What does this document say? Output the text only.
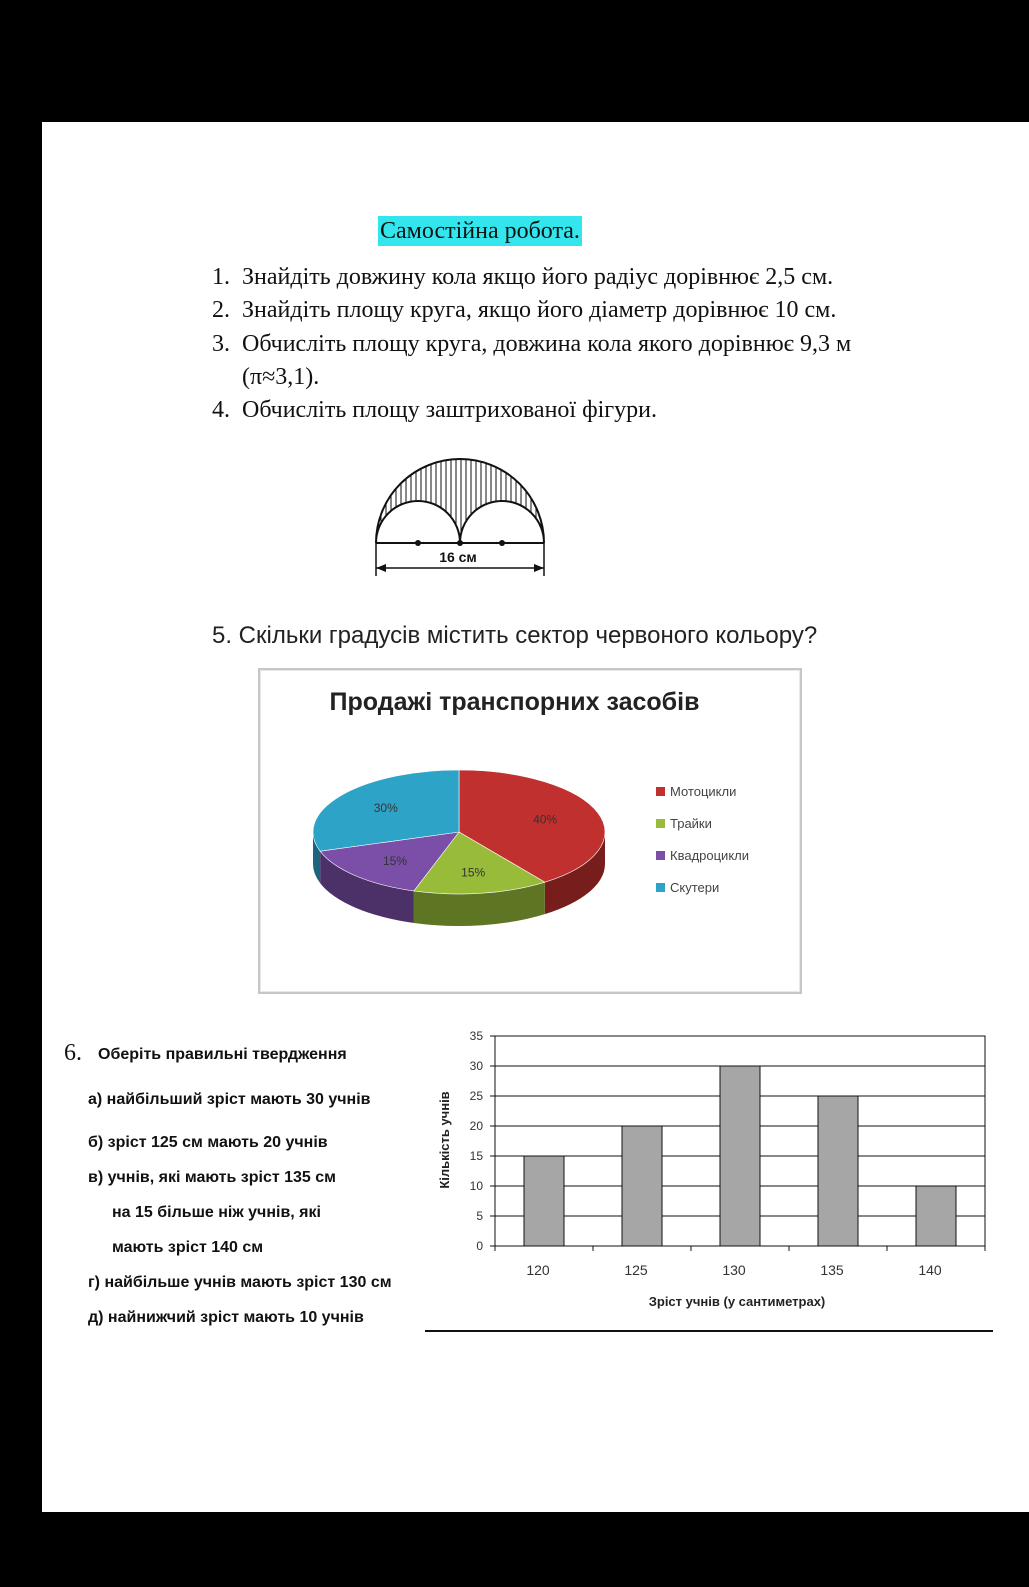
Самостійна робота.
1. Знайдіть довжину кола якщо його радіус дорівнює 2,5 см.
2. Знайдіть площу круга, якщо його діаметр дорівнює 10 см.
3. Обчисліть площу круга, довжина кола якого дорівнює 9,3 м
(π≈3,1).
4. Обчисліть площу заштрихованої фігури.
16 см
5. Скільки градусів містить сектор червоного кольору?
Продажі транспорних засобів
40%
15%
15%
30%
Мотоцикли
Трайки
Квадроцикли
Скутери
6. Оберіть правильні твердження
а) найбільший зріст мають 30 учнів
б) зріст 125 см мають 20 учнів
в) учнів, які мають зріст 135 см
на 15 більше ніж учнів, які
мають зріст 140 см
г) найбільше учнів мають зріст 130 см
д) найнижчий зріст мають 10 учнів
0
5
10
15
20
25
30
35
120	125	130	135	140
Зріст учнів (у сантиметрах)
Кількість учнів
